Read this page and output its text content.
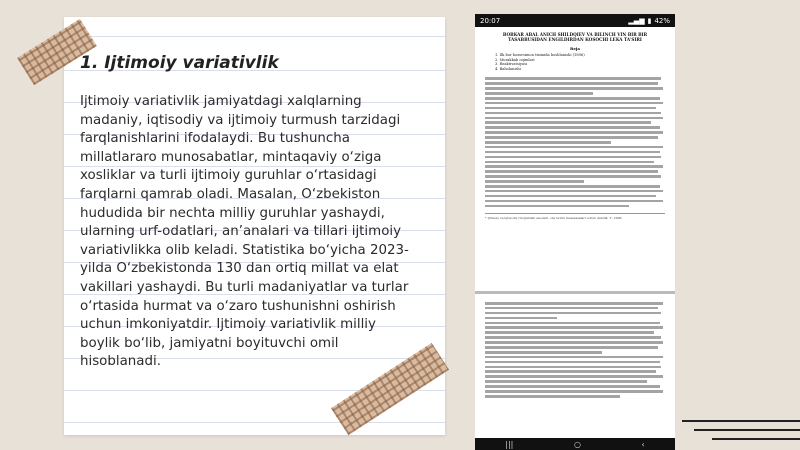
1. Ijtimoiy variativlik

Ijtimoiy variativlik jamiyatdagi xalqlarning madaniy, iqtisodiy va ijtimoiy turmush tarzidagi farqlanishlarini ifodalaydi. Bu tushuncha millatlararo munosabatlar, mintaqaviy o‘ziga xosliklar va turli ijtimoiy guruhlar o‘rtasidagi farqlarni qamrab oladi. Masalan, O‘zbekiston hududida bir nechta milliy guruhlar yashaydi, ularning urf-odatlari, an’analari va tillari ijtimoiy variativlikka olib keladi. Statistika bo‘yicha 2023-yilda O‘zbekistonda 130 dan ortiq millat va elat vakillari yashaydi. Bu turli madaniyatlar va turlar o‘rtasida hurmat va o‘zaro tushunishni oshirish uchun imkoniyatdir. Ijtimoiy variativlik milliy boylik bo‘lib, jamiyatni boyituvchi omil hisoblanadi.

20:07	▂▄▆ ▮ 42%

BOBKAR ABAL ANICH SHILDQIEV VA BILINCH VIN BIR BIR TASABBUSIDAN ENGILDIRDAN KOSOCHI LEKA TA'SIRI

Reja

1. Ilk bor bozorsimon tizimida boshlanishi (1896)
2. Murakkab oqimlari
3. Reaktivatsiyasi
4. Baholanishi
* Ijtimoiy va iqtisodiy rivojlanishi asoslari, oliy ta'lim muassasalari uchun darslik, T., 2008.
|||	○	‹
